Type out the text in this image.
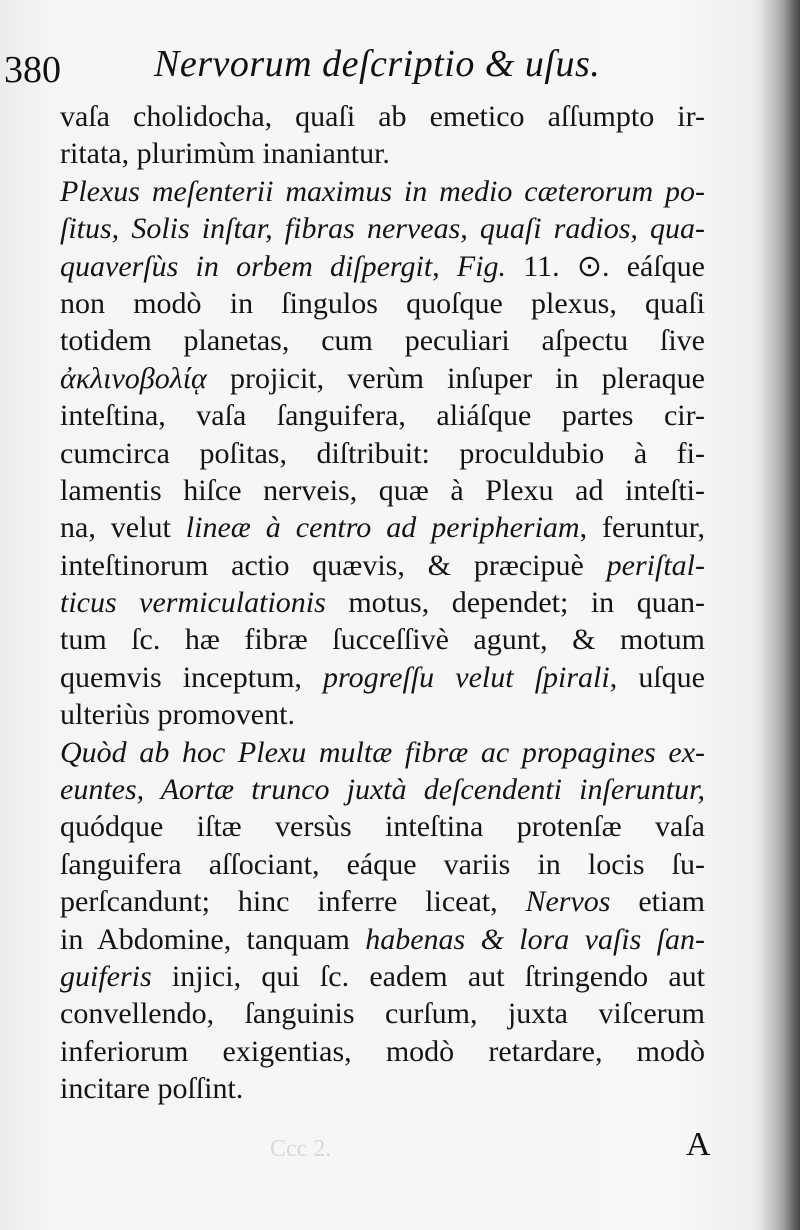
380 Nervorum deſcriptio & uſus.
vaſa cholidocha, quaſi ab emetico aſſumpto ir-
ritata, plurimùm inaniantur.
Plexus meſenterii maximus in medio cæterorum po-
ſitus, Solis inſtar, fibras nerveas, quaſi radios, qua-
quaverſùs in orbem diſpergit, Fig. 11. ⊙. eáſque
non modò in ſingulos quoſque plexus, quaſi
totidem planetas, cum peculiari aſpectu ſive
ἀκλινοβολίᾳ projicit, verùm inſuper in pleraque
inteſtina, vaſa ſanguifera, aliáſque partes cir-
cumcirca poſitas, diſtribuit: proculdubio à fi-
lamentis hiſce nerveis, quæ à Plexu ad inteſti-
na, velut lineæ à centro ad peripheriam, feruntur,
inteſtinorum actio quævis, & præcipuè periſtal-
ticus vermiculationis motus, dependet; in quan-
tum ſc. hæ fibræ ſucceſſivè agunt, & motum
quemvis inceptum, progreſſu velut ſpirali, uſque
ulteriùs promovent.
Quòd ab hoc Plexu multæ fibræ ac propagines ex-
euntes, Aortæ trunco juxtà deſcendenti inſeruntur,
quódque iſtæ versùs inteſtina protenſæ vaſa
ſanguifera aſſociant, eáque variis in locis ſu-
perſcandunt; hinc inferre liceat, Nervos etiam
in Abdomine, tanquam habenas & lora vaſis ſan-
guiferis injici, qui ſc. eadem aut ſtringendo aut
convellendo, ſanguinis curſum, juxta viſcerum
inferiorum exigentias, modò retardare, modò
incitare poſſint.
Ccc 2.	A
